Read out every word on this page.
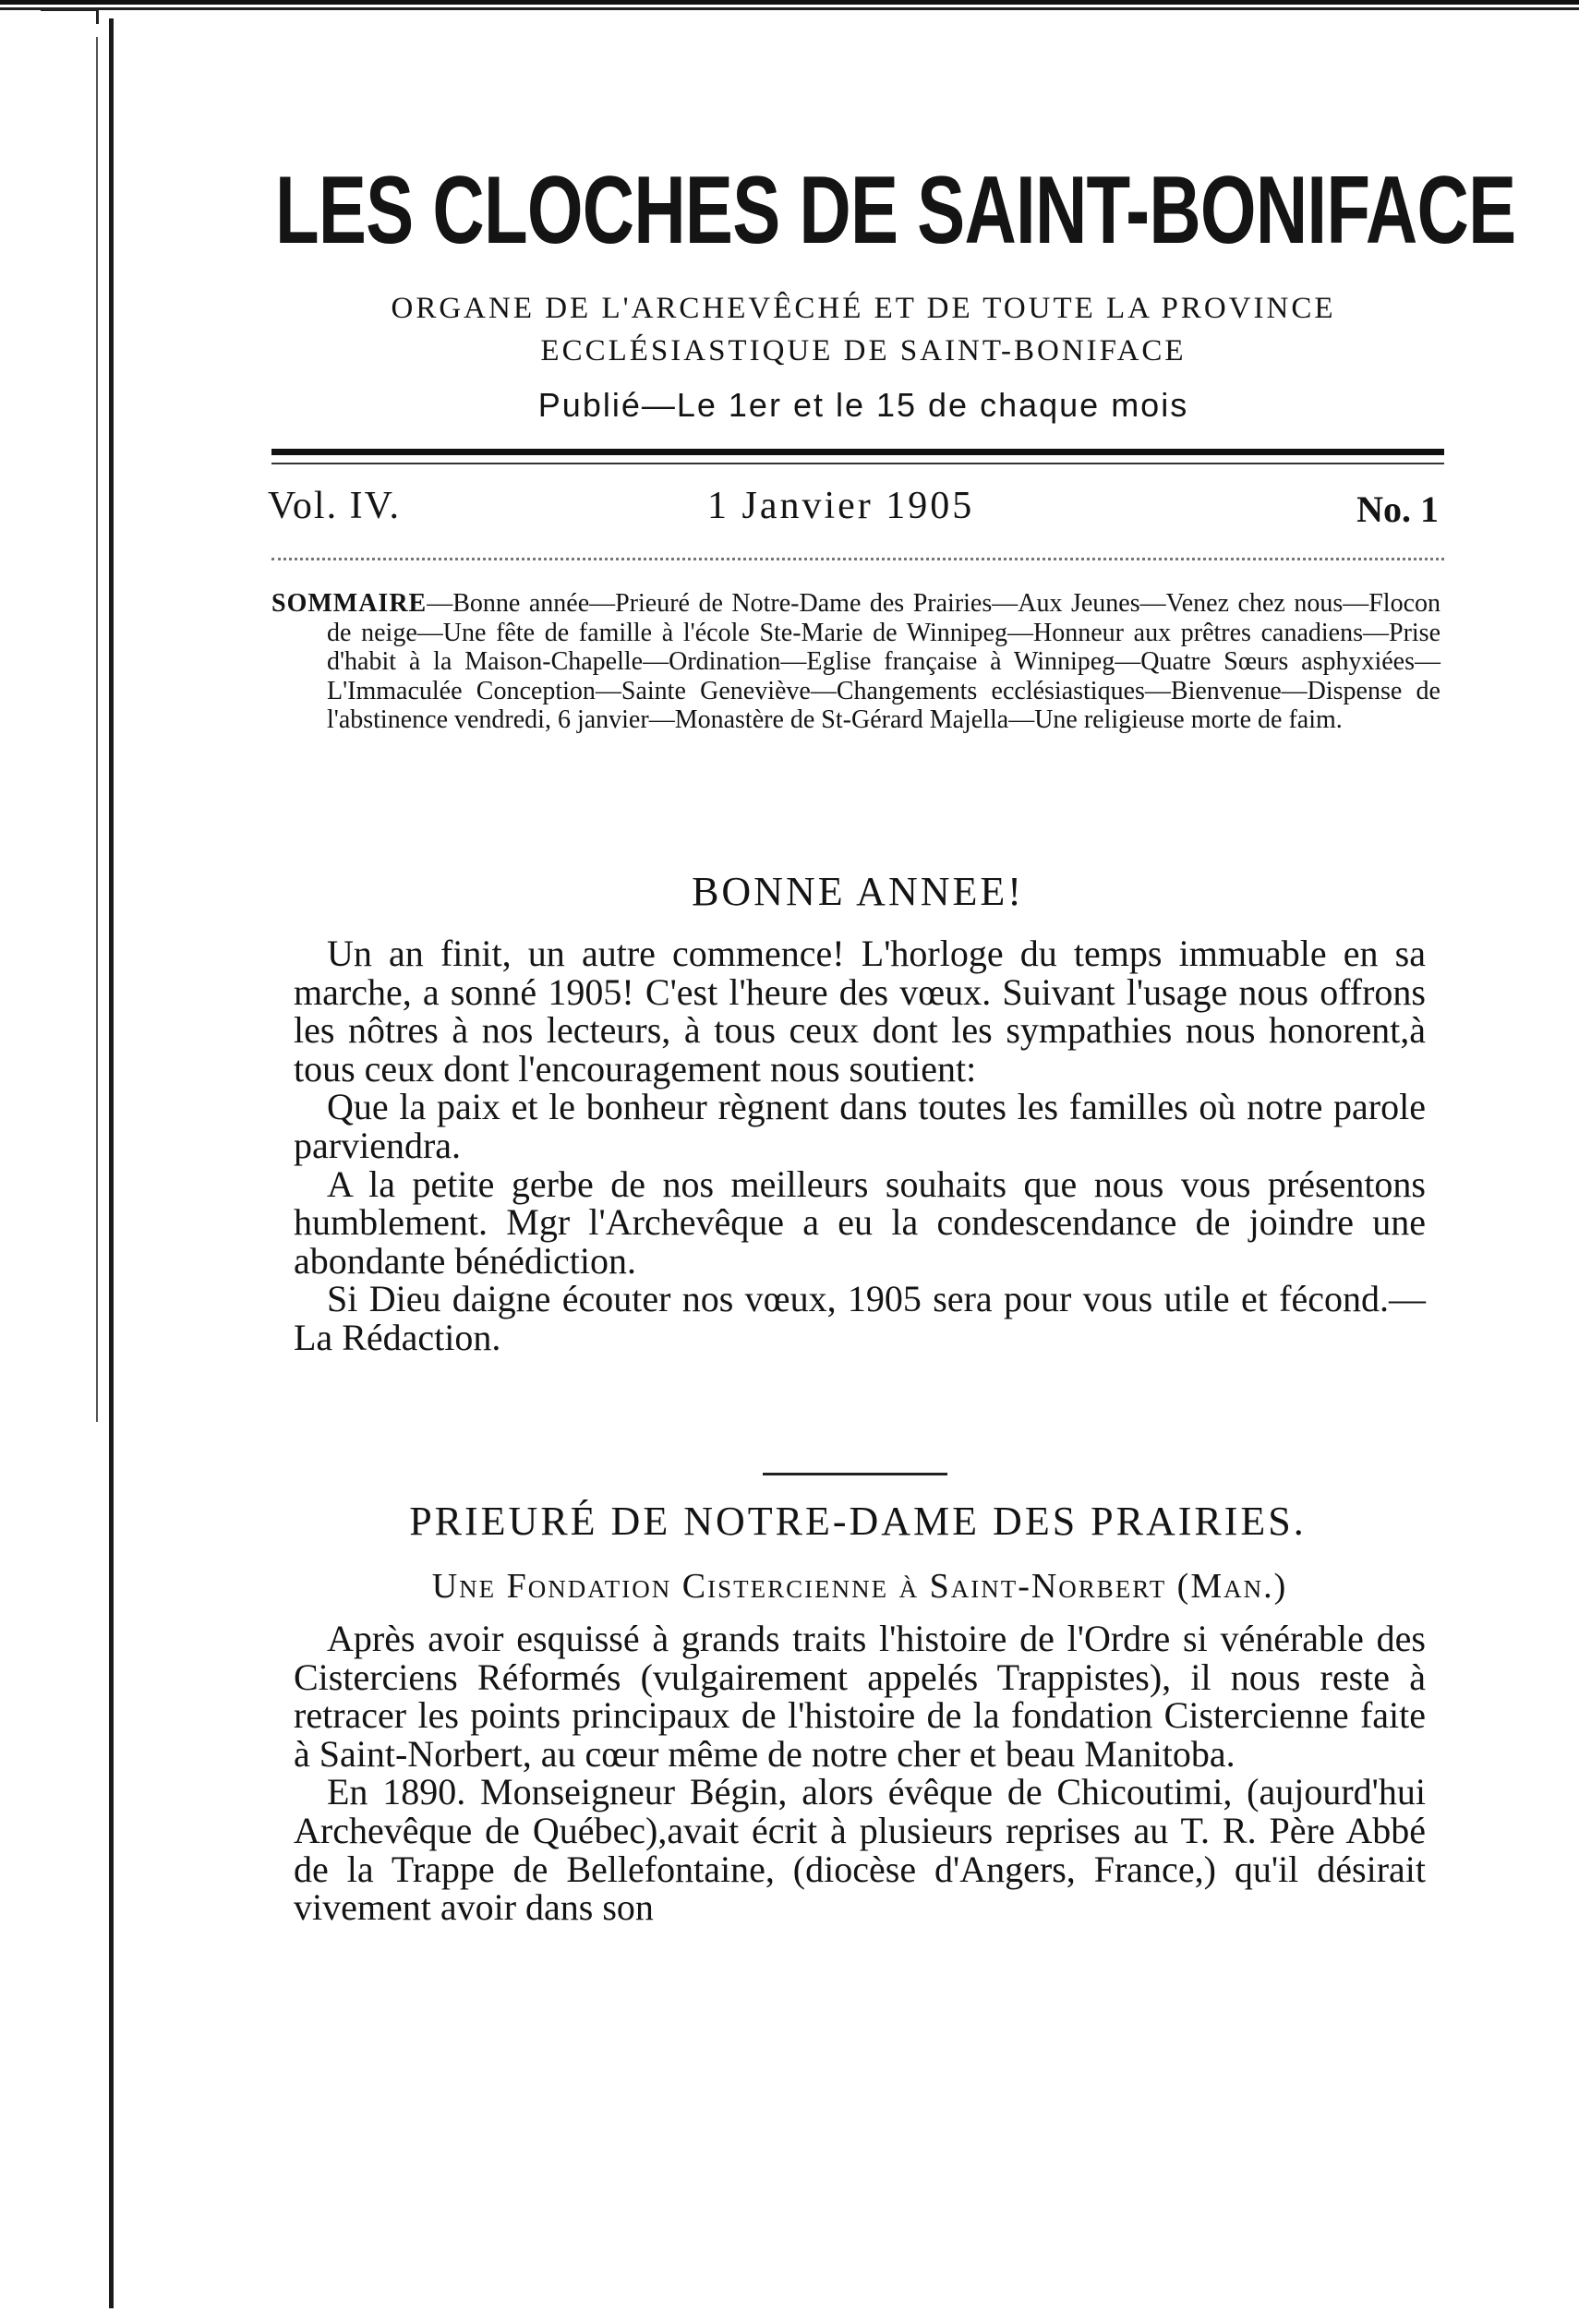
LES CLOCHES DE SAINT-BONIFACE
ORGANE DE L'ARCHEVÊCHÉ ET DE TOUTE LA PROVINCE
ECCLÉSIASTIQUE DE SAINT-BONIFACE
Publié—Le 1er et le 15 de chaque mois
Vol. IV.	1 Janvier 1905	No. 1
SOMMAIRE—Bonne année—Prieuré de Notre-Dame des Prairies—Aux Jeunes—Venez chez nous—Flocon de neige—Une fête de famille à l'école Ste-Marie de Winnipeg—Honneur aux prêtres canadiens—Prise d'habit à la Maison-Chapelle—Ordination—Eglise française à Winnipeg—Quatre Sœurs asphyxiées—L'Immaculée Conception—Sainte Geneviève—Changements ecclésiastiques—Bienvenue—Dispense de l'abstinence vendredi, 6 janvier—Monastère de St-Gérard Majella—Une religieuse morte de faim.
BONNE ANNEE!

Un an finit, un autre commence! L'horloge du temps immuable en sa marche, a sonné 1905! C'est l'heure des vœux. Suivant l'usage nous offrons les nôtres à nos lecteurs, à tous ceux dont les sympathies nous honorent,à tous ceux dont l'encouragement nous soutient:

Que la paix et le bonheur règnent dans toutes les familles où notre parole parviendra.

A la petite gerbe de nos meilleurs souhaits que nous vous présentons humblement. Mgr l'Archevêque a eu la condescendance de joindre une abondante bénédiction.

Si Dieu daigne écouter nos vœux, 1905 sera pour vous utile et fécond.—La Rédaction.

PRIEURÉ DE NOTRE-DAME DES PRAIRIES.
Une Fondation Cistercienne à Saint-Norbert (Man.)

Après avoir esquissé à grands traits l'histoire de l'Ordre si vénérable des Cisterciens Réformés (vulgairement appelés Trappistes), il nous reste à retracer les points principaux de l'histoire de la fondation Cistercienne faite à Saint-Norbert, au cœur même de notre cher et beau Manitoba.

En 1890. Monseigneur Bégin, alors évêque de Chicoutimi, (aujourd'hui Archevêque de Québec),avait écrit à plusieurs reprises au T. R. Père Abbé de la Trappe de Bellefontaine, (diocèse d'Angers, France,) qu'il désirait vivement avoir dans son
